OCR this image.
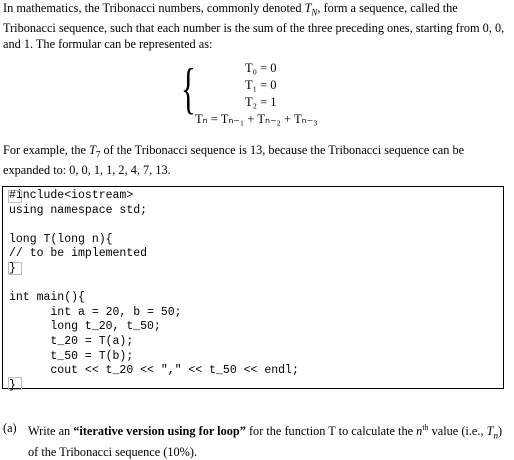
In mathematics, the Tribonacci numbers, commonly denoted $T_N$, form a sequence, called the Tribonacci sequence, such that each number is the sum of the three preceding ones, starting from 0, 0, and 1. The formular can be represented as:

{	T₀ = 0
T₁ = 0
T₂ = 1
Tₙ = Tₙ₋₁ + Tₙ₋₂ + Tₙ₋₃

For example, the $T_7$ of the Tribonacci sequence is 13, because the Tribonacci sequence can be expanded to: 0, 0, 1, 1, 2, 4, 7, 13.

#include<iostream>
using namespace std;

long T(long n){
// to be implemented
}

int main(){
int a = 20, b = 50;
long t_20, t_50;
t_20 = T(a);
t_50 = T(b);
cout << t_20 << "," << t_50 << endl;
}
(a) Write an “iterative version using for loop” for the function T to calculate the $n^{th}$ value (i.e., $T_n$) of the Tribonacci sequence (10%).
